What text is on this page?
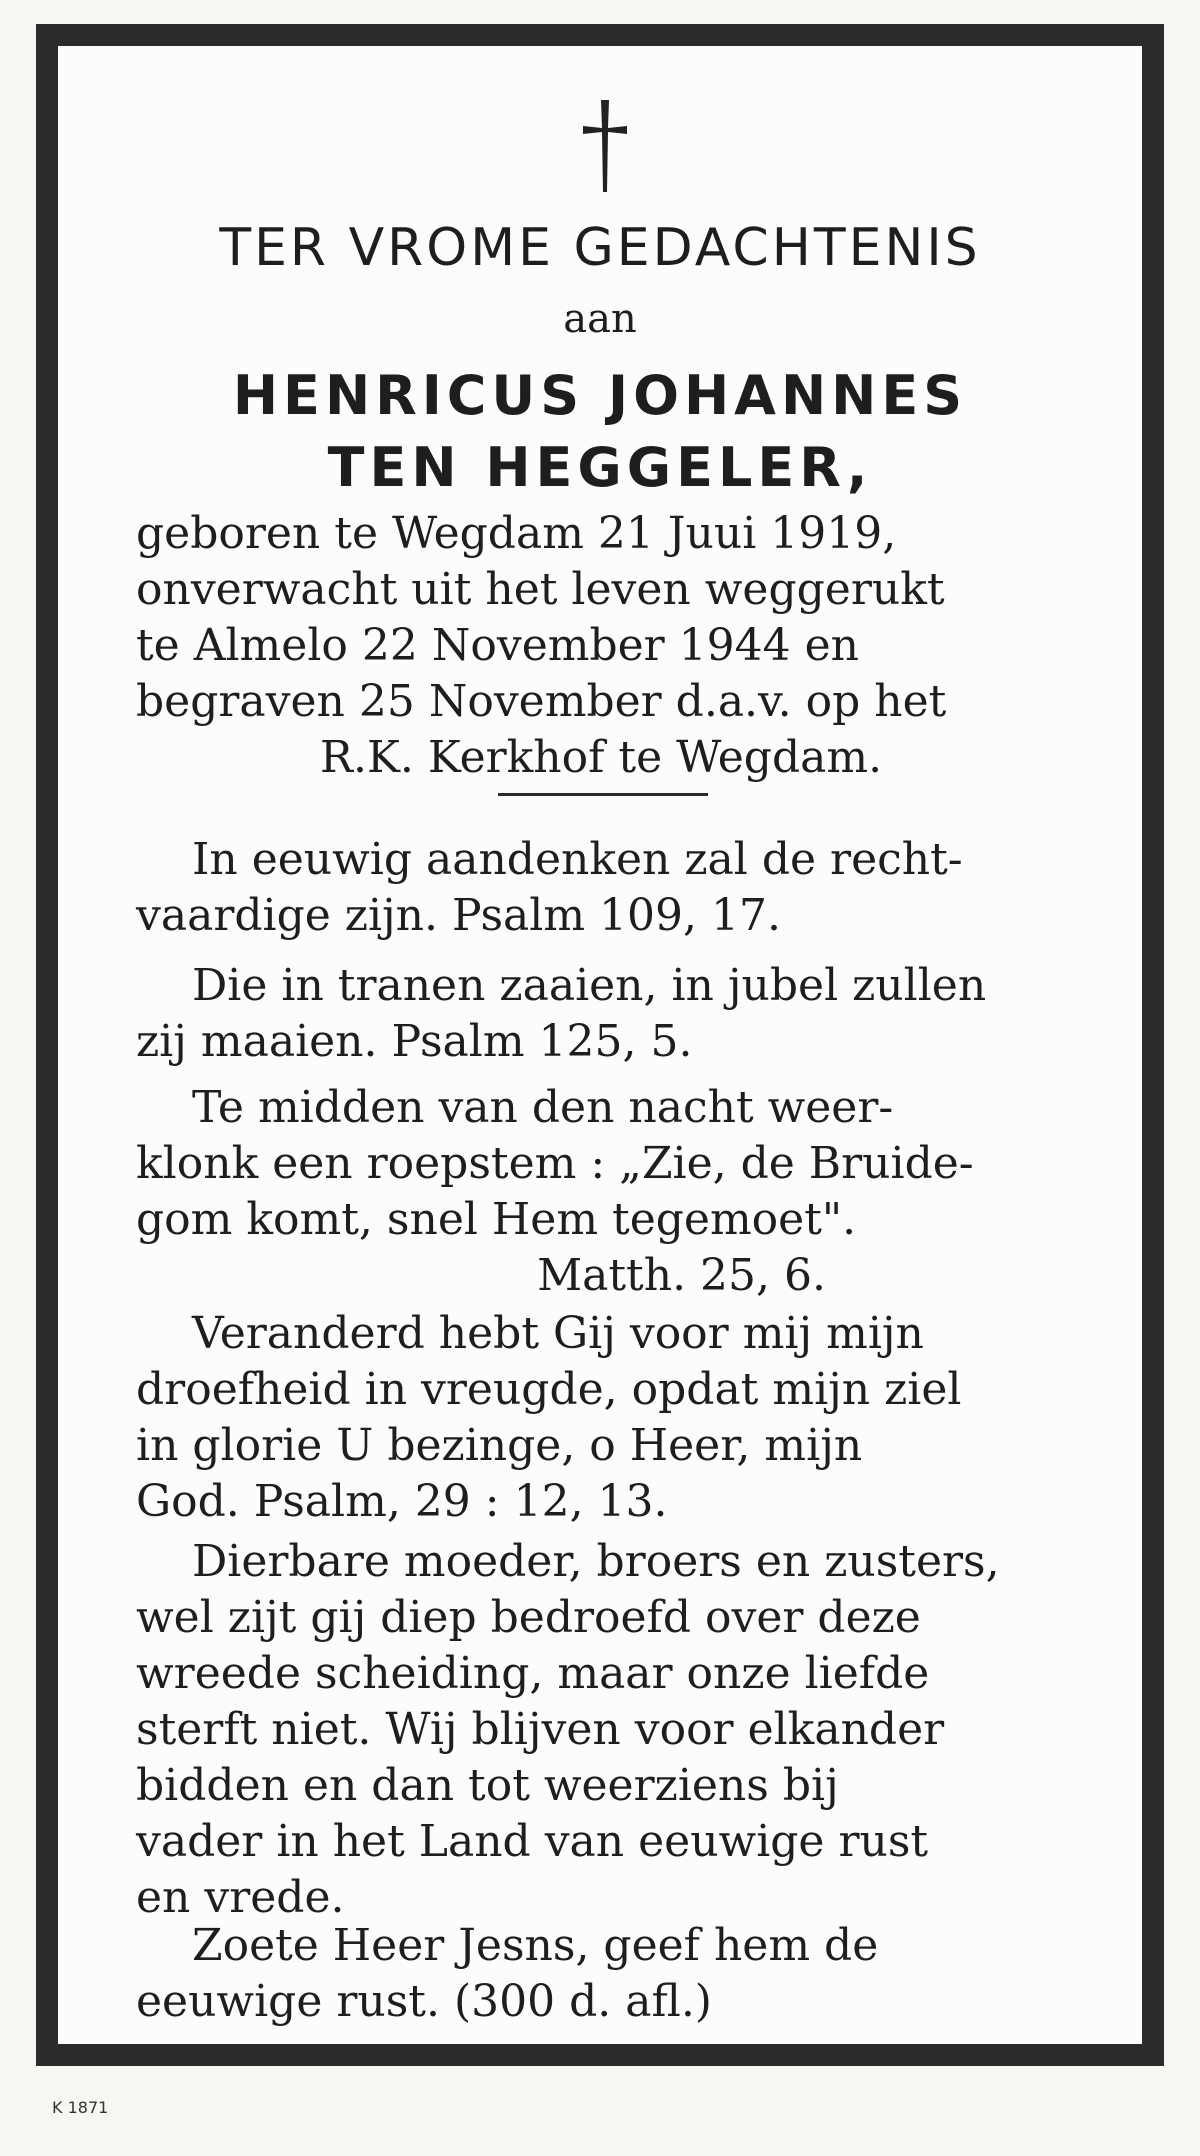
TER VROME GEDACHTENIS
aan
HENRICUS JOHANNES
TEN HEGGELER,
geboren te Wegdam 21 Juui 1919,
onverwacht uit het leven weggerukt
te Almelo 22 November 1944 en
begraven 25 November d.a.v. op het
R.K. Kerkhof te Wegdam.
In eeuwig aandenken zal de recht-
vaardige zijn. Psalm 109, 17.
Die in tranen zaaien, in jubel zullen
zij maaien. Psalm 125, 5.
Te midden van den nacht weer-
klonk een roepstem : „Zie, de Bruide-
gom komt, snel Hem tegemoet".
Matth. 25, 6.
Veranderd hebt Gij voor mij mijn
droefheid in vreugde, opdat mijn ziel
in glorie U bezinge, o Heer, mijn
God. Psalm, 29 : 12, 13.
Dierbare moeder, broers en zusters,
wel zijt gij diep bedroefd over deze
wreede scheiding, maar onze liefde
sterft niet. Wij blijven voor elkander
bidden en dan tot weerziens bij
vader in het Land van eeuwige rust
en vrede.
Zoete Heer Jesns, geef hem de
eeuwige rust. (300 d. afl.)
K 1871
